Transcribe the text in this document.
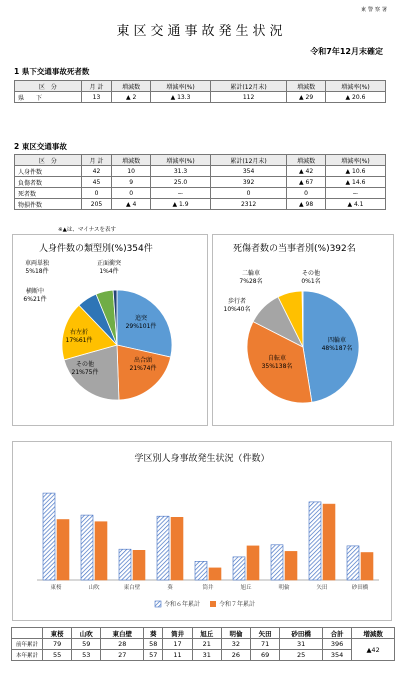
東警察署
東区交通事故発生状況
令和7年12月末確定
1 県下交通事故死者数
区　分	月 計	増減数	増減率(%)	累計(12月末)	増減数	増減率(%)
県　　下	13	▲ 2	▲ 13.3	112	▲ 29	▲ 20.6
2 東区交通事故
区　分	月 計	増減数	増減率(%)	累計(12月末)	増減数	増減率(%)
人身件数	42	10	31.3	354	▲ 42	▲ 10.6
負傷者数	45	9	25.0	392	▲ 67	▲ 14.6
死者数	0	0	ー	0	0	ー
物損件数	205	▲ 4	▲ 1.9	2312	▲ 98	▲ 4.1
※▲は、マイナスを表す
人身件数の類型別(%)354件
追突
29%101件
出合頭
21%74件
その他
21%75件
右左折
17%61件
横断中
6%21件
車両単独
5%18件
正面衝突
1%4件
死傷者数の当事者別(%)392名
四輪車
48%187名
自転車
35%138名
歩行者
10%40名
二輪車
7%28名
その他
0%1名
学区別人身事故発生状況（件数）
東桜	山吹	東白壁	葵	筒井	旭丘	明倫	矢田	砂田橋
令和６年累計	令和７年累計
	東桜	山吹	東白壁	葵	筒井	旭丘	明倫	矢田	砂田橋	合計	増減数
前年累計	79	59	28	58	17	21	32	71	31	396	▲42
本年累計	55	53	27	57	11	31	26	69	25	354	
